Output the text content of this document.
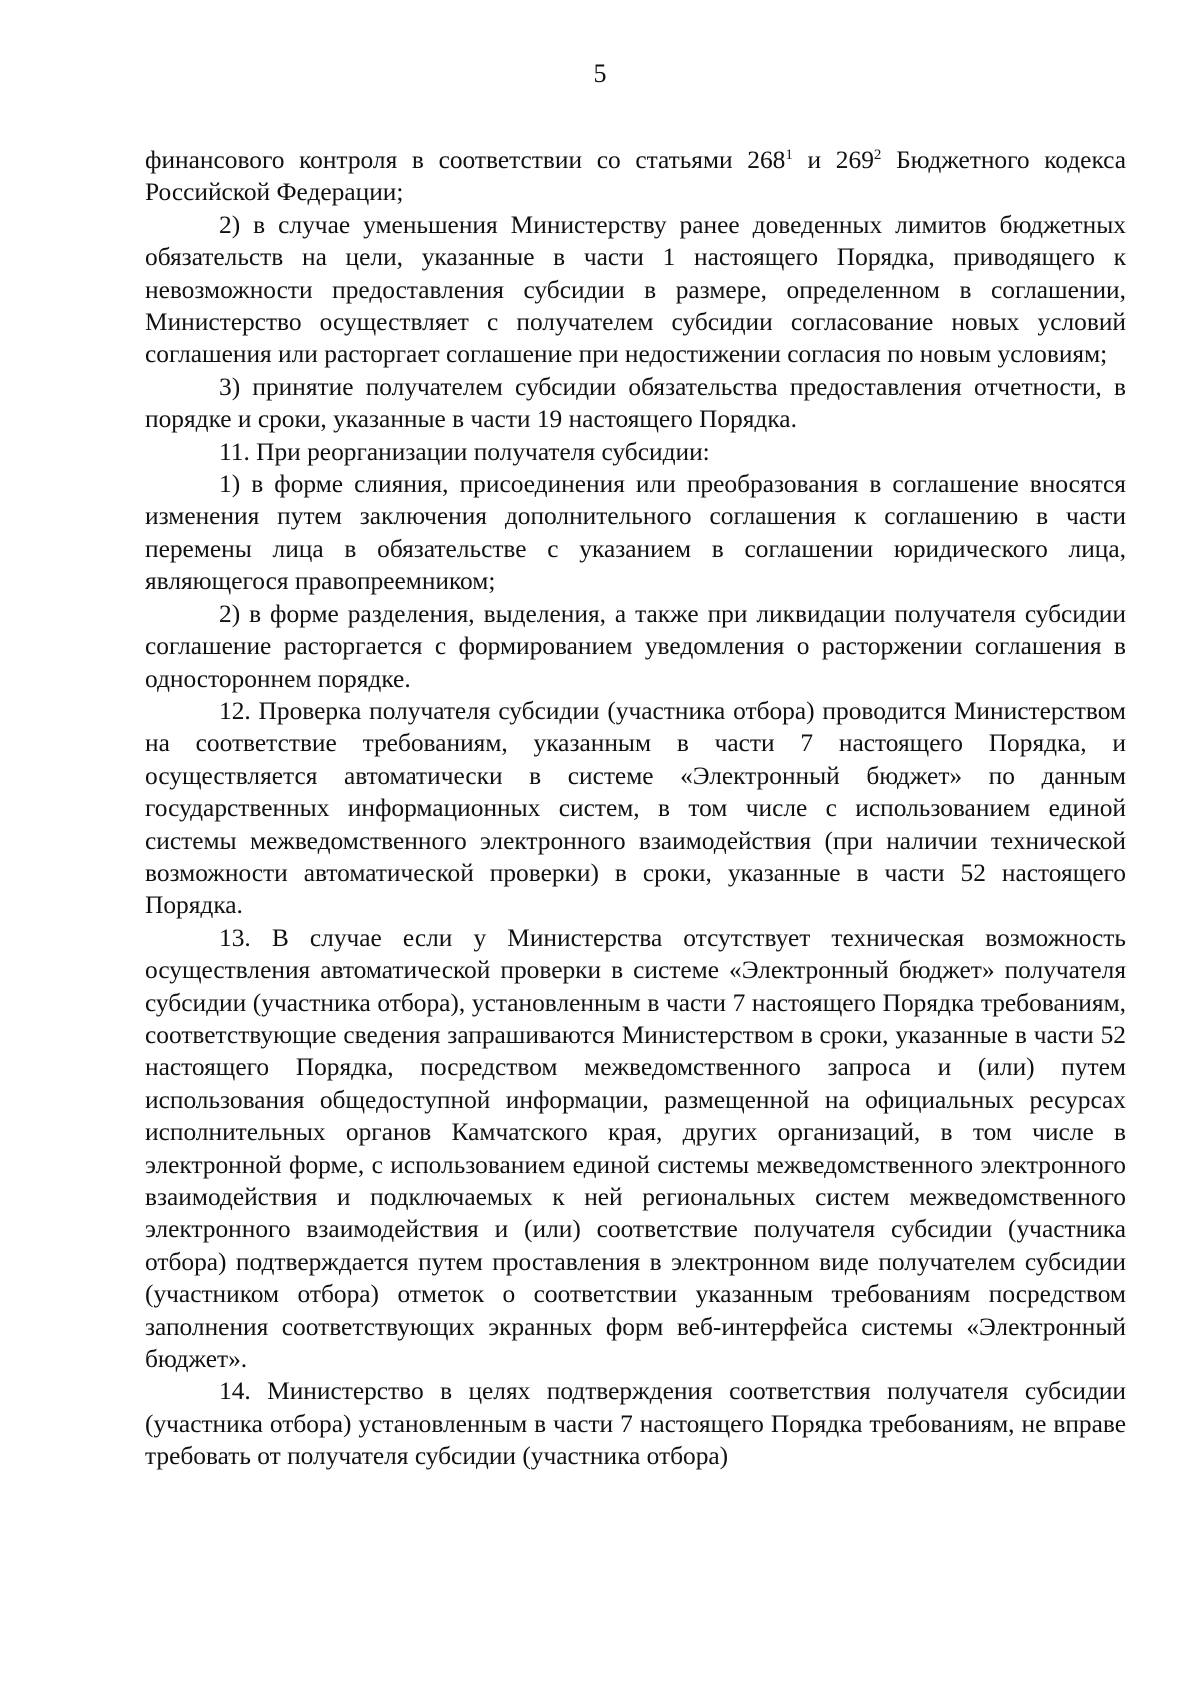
5

финансового контроля в соответствии со статьями $268^1$ и $269^2$ Бюджетного кодекса Российской Федерации;

2) в случае уменьшения Министерству ранее доведенных лимитов бюджетных обязательств на цели, указанные в части 1 настоящего Порядка, приводящего к невозможности предоставления субсидии в размере, определенном в соглашении, Министерство осуществляет с получателем субсидии согласование новых условий соглашения или расторгает соглашение при недостижении согласия по новым условиям;

3) принятие получателем субсидии обязательства предоставления отчетности, в порядке и сроки, указанные в части 19 настоящего Порядка.

11. При реорганизации получателя субсидии:

1) в форме слияния, присоединения или преобразования в соглашение вносятся изменения путем заключения дополнительного соглашения к соглашению в части перемены лица в обязательстве с указанием в соглашении юридического лица, являющегося правопреемником;

2) в форме разделения, выделения, а также при ликвидации получателя субсидии соглашение расторгается с формированием уведомления о расторжении соглашения в одностороннем порядке.

12. Проверка получателя субсидии (участника отбора) проводится Министерством на соответствие требованиям, указанным в части 7 настоящего Порядка, и осуществляется автоматически в системе «Электронный бюджет» по данным государственных информационных систем, в том числе с использованием единой системы межведомственного электронного взаимодействия (при наличии технической возможности автоматической проверки) в сроки, указанные в части 52 настоящего Порядка.

13. В случае если у Министерства отсутствует техническая возможность осуществления автоматической проверки в системе «Электронный бюджет» получателя субсидии (участника отбора), установленным в части 7 настоящего Порядка требованиям, соответствующие сведения запрашиваются Министерством в сроки, указанные в части 52 настоящего Порядка, посредством межведомственного запроса и (или) путем использования общедоступной информации, размещенной на официальных ресурсах исполнительных органов Камчатского края, других организаций, в том числе в электронной форме, с использованием единой системы межведомственного электронного взаимодействия и подключаемых к ней региональных систем межведомственного электронного взаимодействия и (или) соответствие получателя субсидии (участника отбора) подтверждается путем проставления в электронном виде получателем субсидии (участником отбора) отметок о соответствии указанным требованиям посредством заполнения соответствующих экранных форм веб-интерфейса системы «Электронный бюджет».

14. Министерство в целях подтверждения соответствия получателя субсидии (участника отбора) установленным в части 7 настоящего Порядка требованиям, не вправе требовать от получателя субсидии (участника отбора)
